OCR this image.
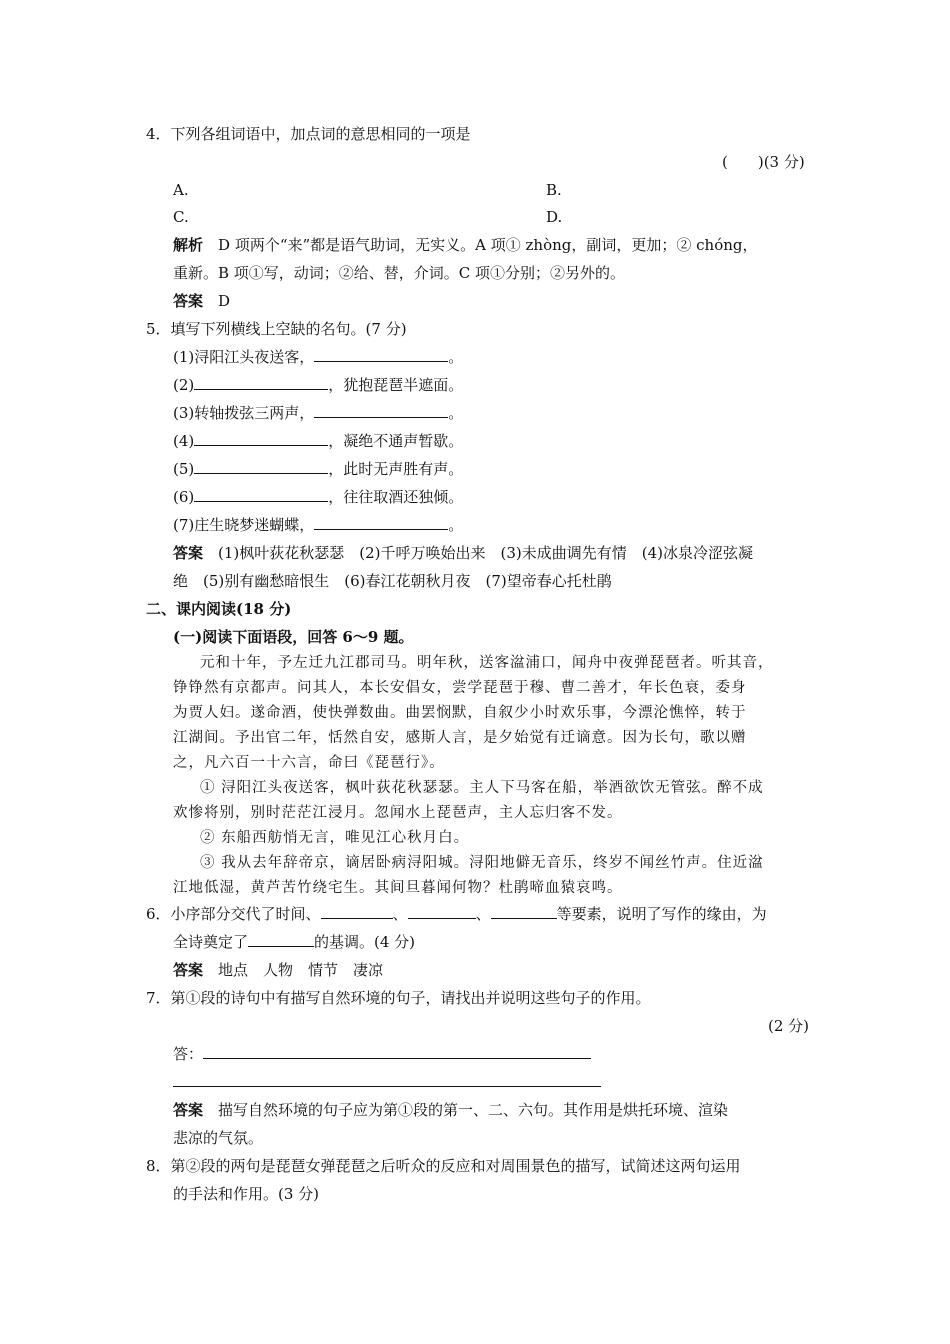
4．下列各组词语中，加点词的意思相同的一项是
(　　)(3 分)
A.	B.
C.	D.
解析　 D 项两个“来”都是语气助词，无实义。A 项① zhòng，副词，更加；② chóng，
重新。B 项①写，动词；②给、替，介词。C 项①分别；②另外的。
答案　 D
5．填写下列横线上空缺的名句。(7 分)
(1)浔阳江头夜送客，	。
(2)	，犹抱琵琶半遮面。
(3)转轴拨弦三两声，	。
(4)	，凝绝不通声暂歇。
(5)	，此时无声胜有声。
(6)	，往往取酒还独倾。
(7)庄生晓梦迷蝴蝶，	。
答案　 (1)枫叶荻花秋瑟瑟　(2)千呼万唤始出来　(3)未成曲调先有情　(4)冰泉冷涩弦凝
绝　(5)别有幽愁暗恨生　(6)春江花朝秋月夜　(7)望帝春心托杜鹃
二、课内阅读(18 分)
(一)阅读下面语段，回答 6～9 题。
元和十年，予左迁九江郡司马。明年秋，送客湓浦口，闻舟中夜弹琵琶者。听其音，
铮铮然有京都声。问其人，本长安倡女，尝学琵琶于穆、曹二善才，年长色衰，委身
为贾人妇。遂命酒，使快弹数曲。曲罢悯默，自叙少小时欢乐事，今漂沦憔悴，转于
江湖间。予出官二年，恬然自安，感斯人言，是夕始觉有迁谪意。因为长句，歌以赠
之，凡六百一十六言，命曰《琵琶行》。
① 浔阳江头夜送客，枫叶荻花秋瑟瑟。主人下马客在船，举酒欲饮无管弦。醉不成
欢惨将别，别时茫茫江浸月。忽闻水上琵琶声，主人忘归客不发。
② 东船西舫悄无言，唯见江心秋月白。
③ 我从去年辞帝京，谪居卧病浔阳城。浔阳地僻无音乐，终岁不闻丝竹声。住近湓
江地低湿，黄芦苦竹绕宅生。其间旦暮闻何物？杜鹃啼血猿哀鸣。
6．小序部分交代了时间、	、	、	等要素，说明了写作的缘由，为
全诗奠定了	的基调。(4 分)
答案　 地点　人物　情节　凄凉
7．第①段的诗句中有描写自然环境的句子，请找出并说明这些句子的作用。
(2 分)
答：
答案　 描写自然环境的句子应为第①段的第一、二、六句。其作用是烘托环境、渲染
悲凉的气氛。
8．第②段的两句是琵琶女弹琵琶之后听众的反应和对周围景色的描写，试简述这两句运用
的手法和作用。(3 分)
